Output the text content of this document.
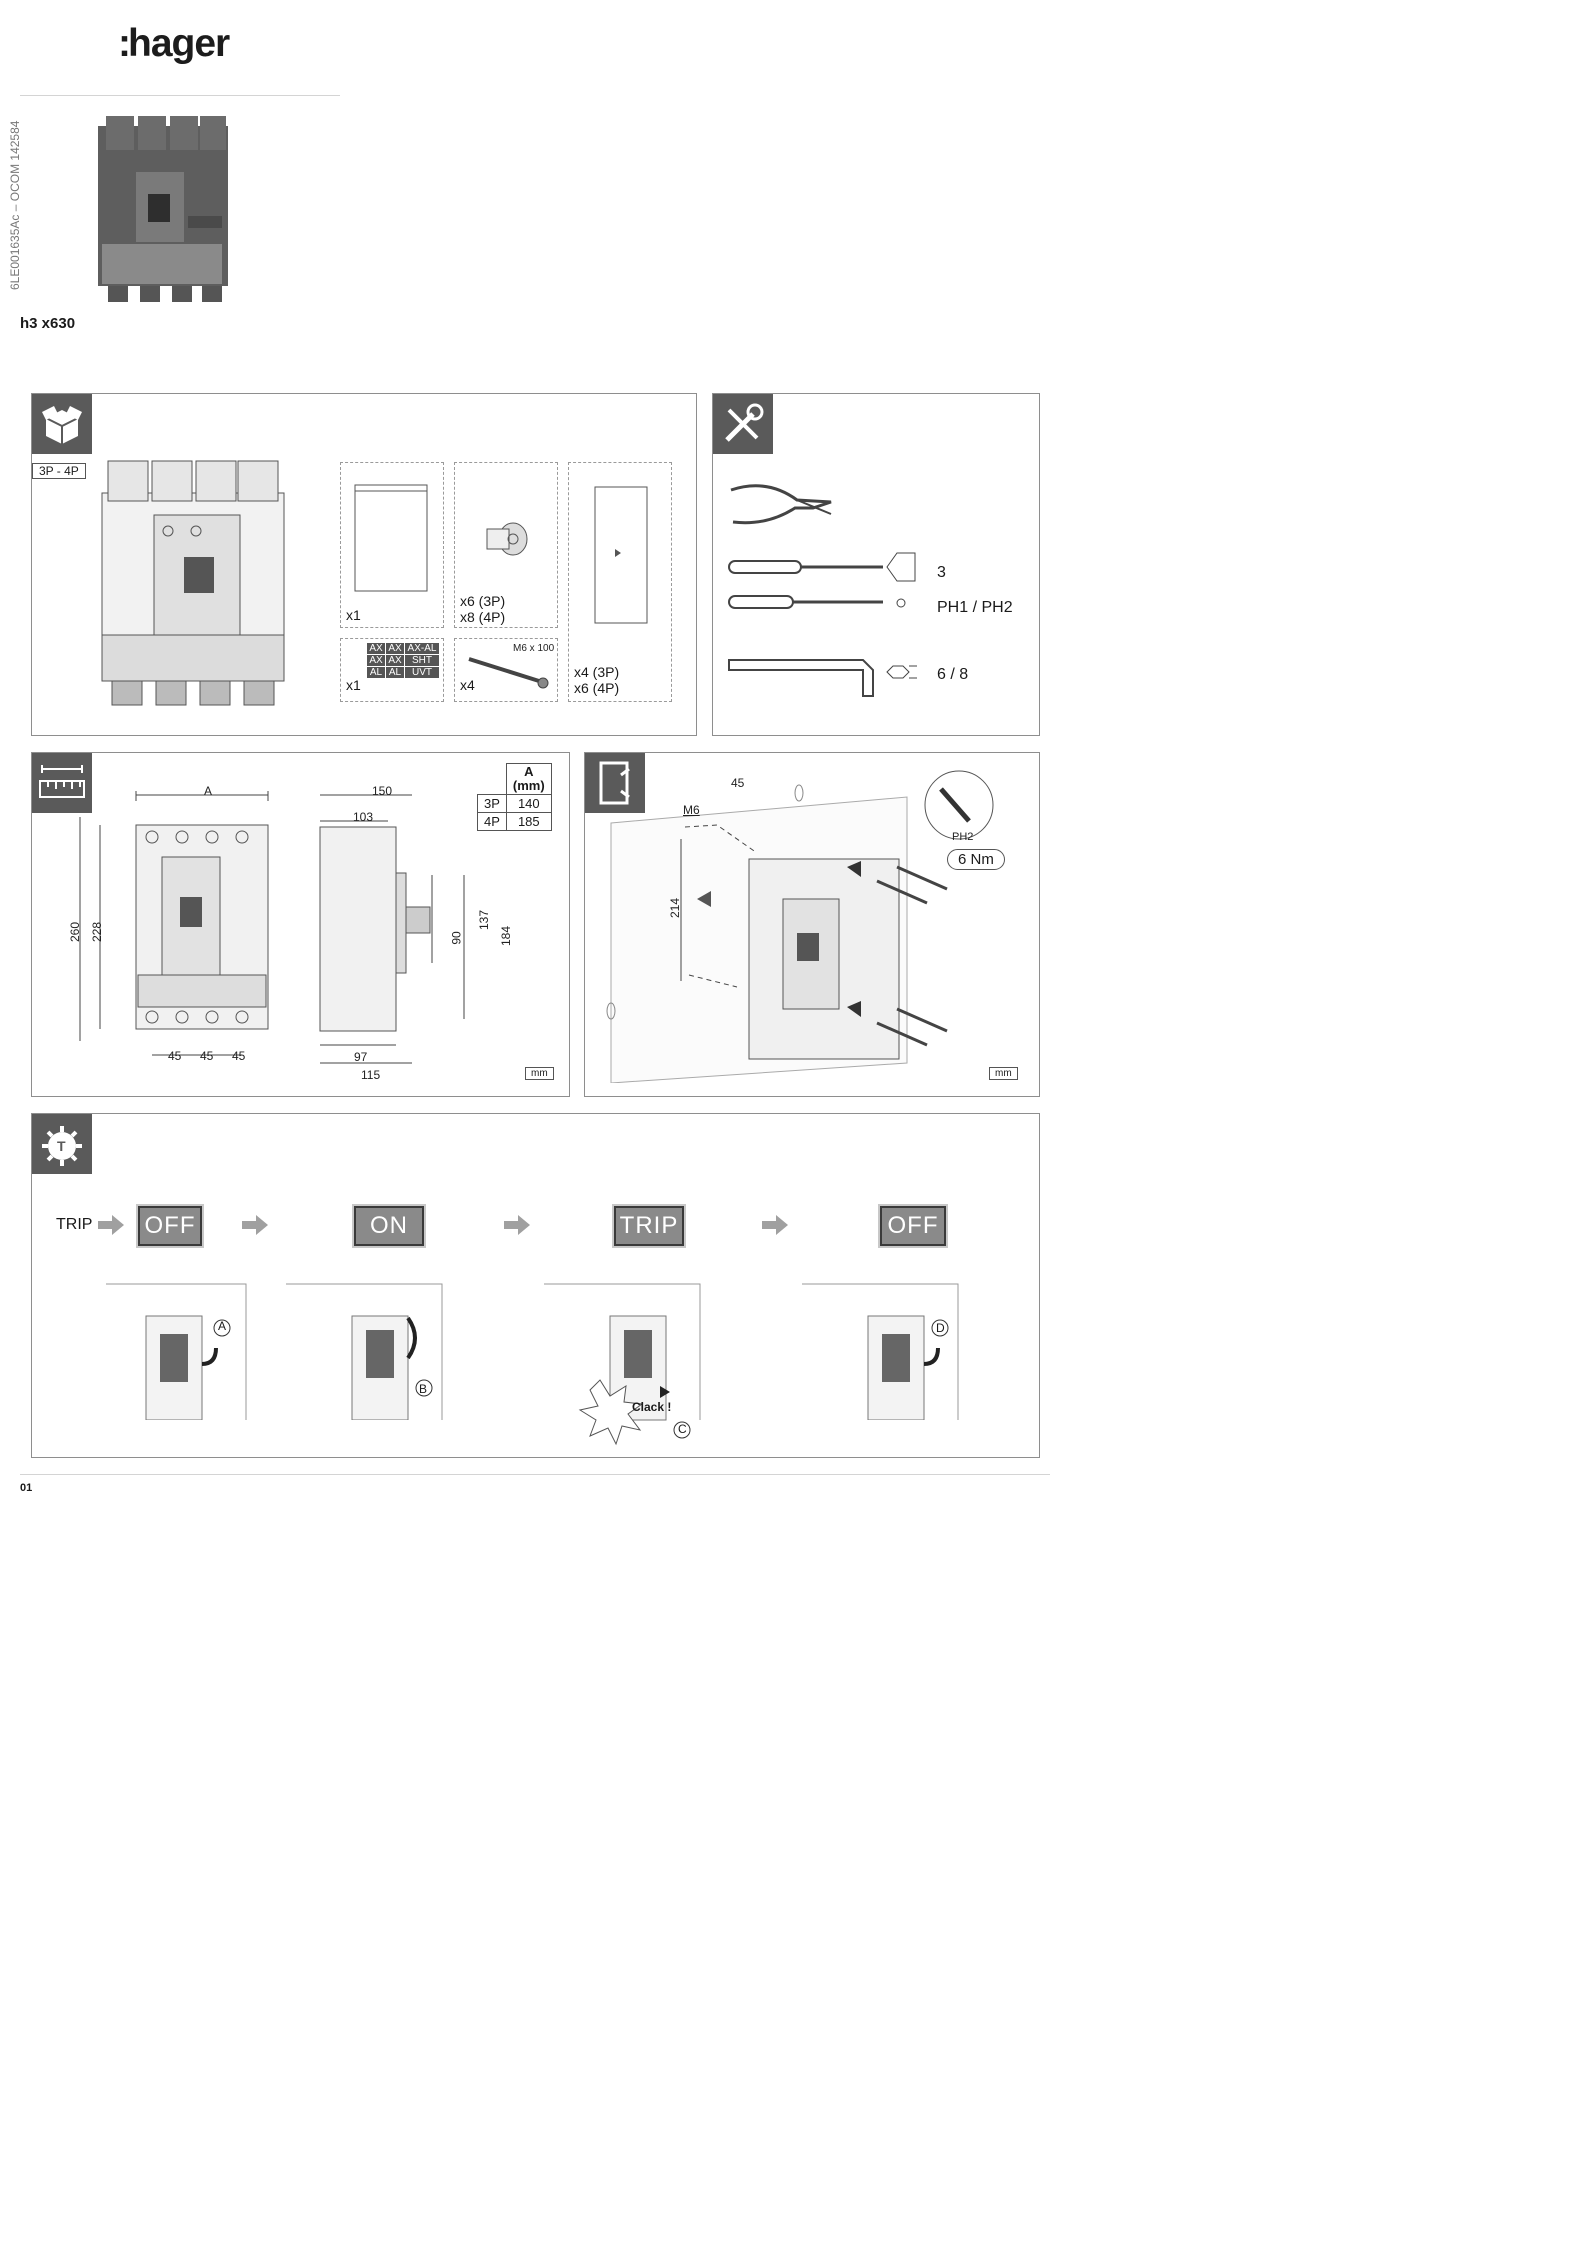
:hager
6LE001635Ac – OCOM 142584
h3 x630
3P - 4P
x1
x6 (3P)
x8 (4P)
x4 (3P)
x6 (4P)
AX AX AX-AL
AX AX	SHT
AL AL	UVT
x1
M6 x 100
x4
3
PH1 / PH2
6 / 8
A
260 228
45 45 45
150
103
137
184
90
97
115
	A
(mm)
3P	140
4P	185
mm
45
M6
214
PH2
6 Nm
mm
T
TRIP OFF	ON	TRIP	OFF
A
B
Clack !
C
D
01
